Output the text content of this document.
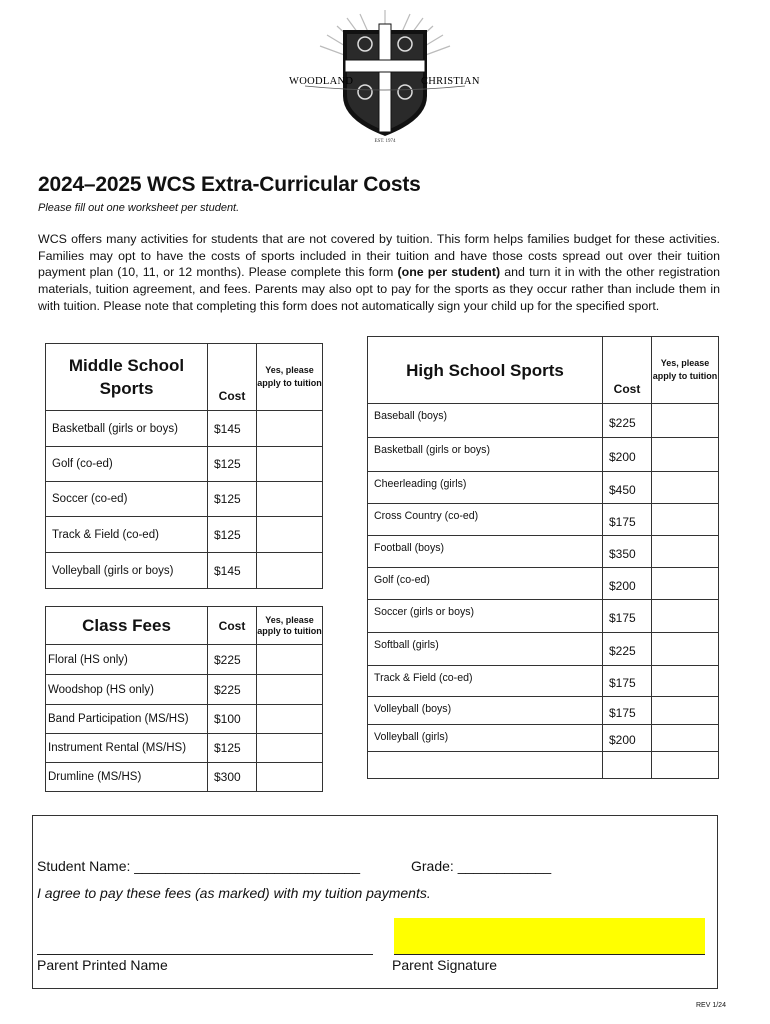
WOODLAND	CHRISTIAN
EST. 1974
2024–2025 WCS Extra-Curricular Costs
Please fill out one worksheet per student.
WCS offers many activities for students that are not covered by tuition. This form helps families budget for these activities. Families may opt to have the costs of sports included in their tuition and have those costs spread out over their tuition payment plan (10, 11, or 12 months). Please complete this form (one per student) and turn it in with the other registration materials, tuition agreement, and fees. Parents may also opt to pay for the sports as they occur rather than include them in with tuition. Please note that completing this form does not automatically sign your child up for the specified sport.
Middle School Sports	Cost	Yes, please apply to tuition
Basketball (girls or boys)	$145	
Golf (co-ed)	$125	
Soccer (co-ed)	$125	
Track & Field (co-ed)	$125	
Volleyball (girls or boys)	$145	
Class Fees	Cost	Yes, please apply to tuition
Floral (HS only)	$225	
Woodshop (HS only)	$225	
Band Participation (MS/HS)	$100	
Instrument Rental (MS/HS)	$125	
Drumline (MS/HS)	$300	
High School Sports	Cost	Yes, please apply to tuition
Baseball (boys)	$225	
Basketball (girls or boys)	$200	
Cheerleading (girls)	$450	
Cross Country (co-ed)	$175	
Football (boys)	$350	
Golf (co-ed)	$200	
Soccer (girls or boys)	$175	
Softball (girls)	$225	
Track & Field (co-ed)	$175	
Volleyball (boys)	$175	
Volleyball (girls)	$200	

Student Name: _____________________________	Grade: ____________
I agree to pay these fees (as marked) with my tuition payments.
Parent Printed Name	Parent Signature
REV 1/24
